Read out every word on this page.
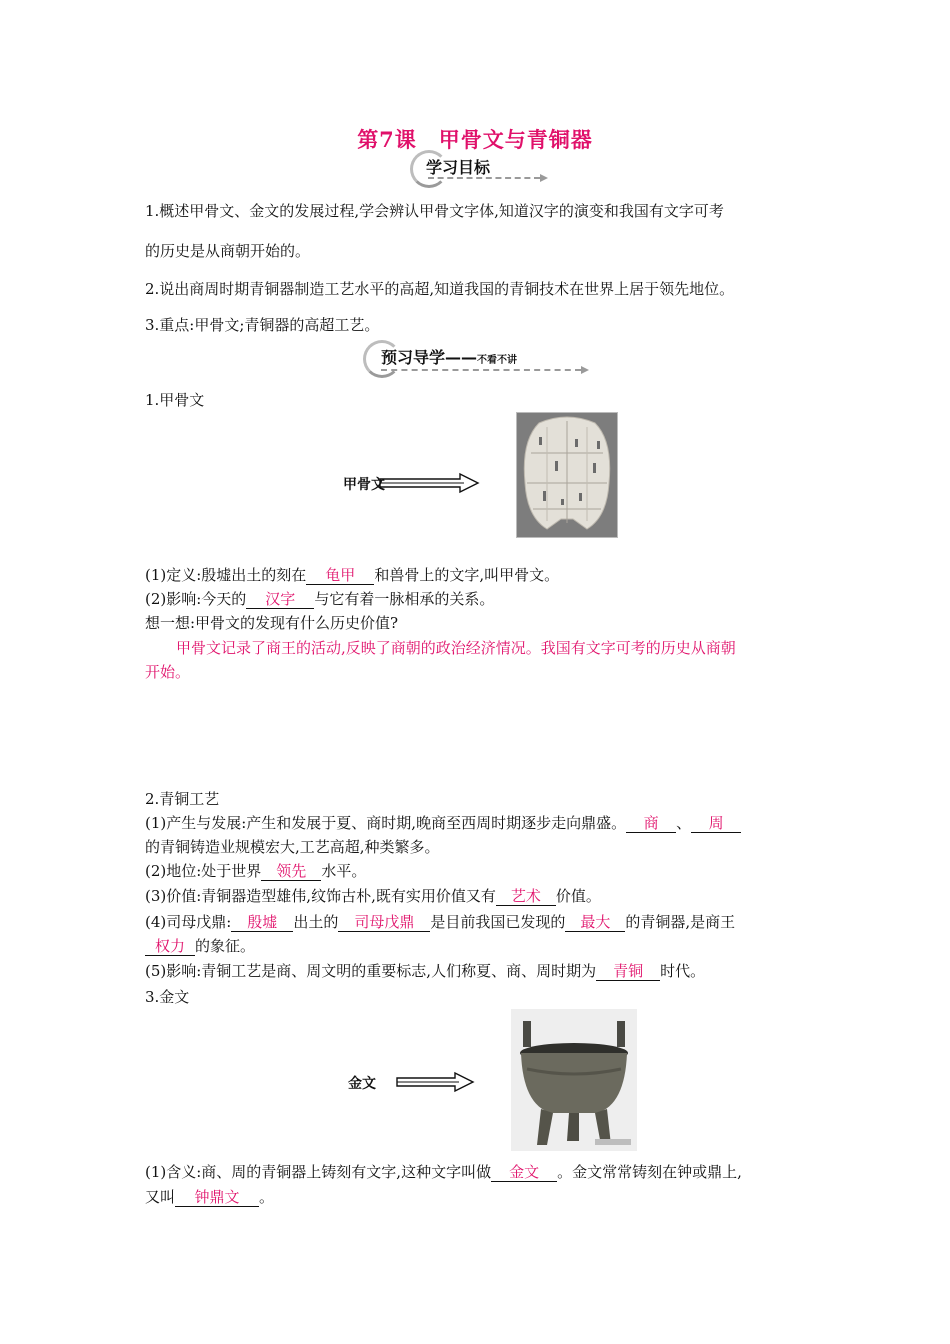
第7课　甲骨文与青铜器
学习目标
1.概述甲骨文、金文的发展过程,学会辨认甲骨文字体,知道汉字的演变和我国有文字可考
的历史是从商朝开始的。
2.说出商周时期青铜器制造工艺水平的高超,知道我国的青铜技术在世界上居于领先地位。
3.重点:甲骨文;青铜器的高超工艺。
预习导学——不看不讲
1.甲骨文
甲骨文
(1)定义:殷墟出土的刻在 龟甲 和兽骨上的文字,叫甲骨文。
(2)影响:今天的 汉字 与它有着一脉相承的关系。
想一想:甲骨文的发现有什么历史价值?
甲骨文记录了商王的活动,反映了商朝的政治经济情况。我国有文字可考的历史从商朝
开始。
2.青铜工艺
(1)产生与发展:产生和发展于夏、商时期,晚商至西周时期逐步走向鼎盛。 商 、 周
的青铜铸造业规模宏大,工艺高超,种类繁多。
(2)地位:处于世界 领先 水平。
(3)价值:青铜器造型雄伟,纹饰古朴,既有实用价值又有 艺术 价值。
(4)司母戊鼎: 殷墟 出土的 司母戊鼎 是目前我国已发现的 最大 的青铜器,是商王
权力 的象征。
(5)影响:青铜工艺是商、周文明的重要标志,人们称夏、商、周时期为 青铜 时代。
3.金文
金文
(1)含义:商、周的青铜器上铸刻有文字,这种文字叫做 金文 。金文常常铸刻在钟或鼎上,
又叫 钟鼎文 。
